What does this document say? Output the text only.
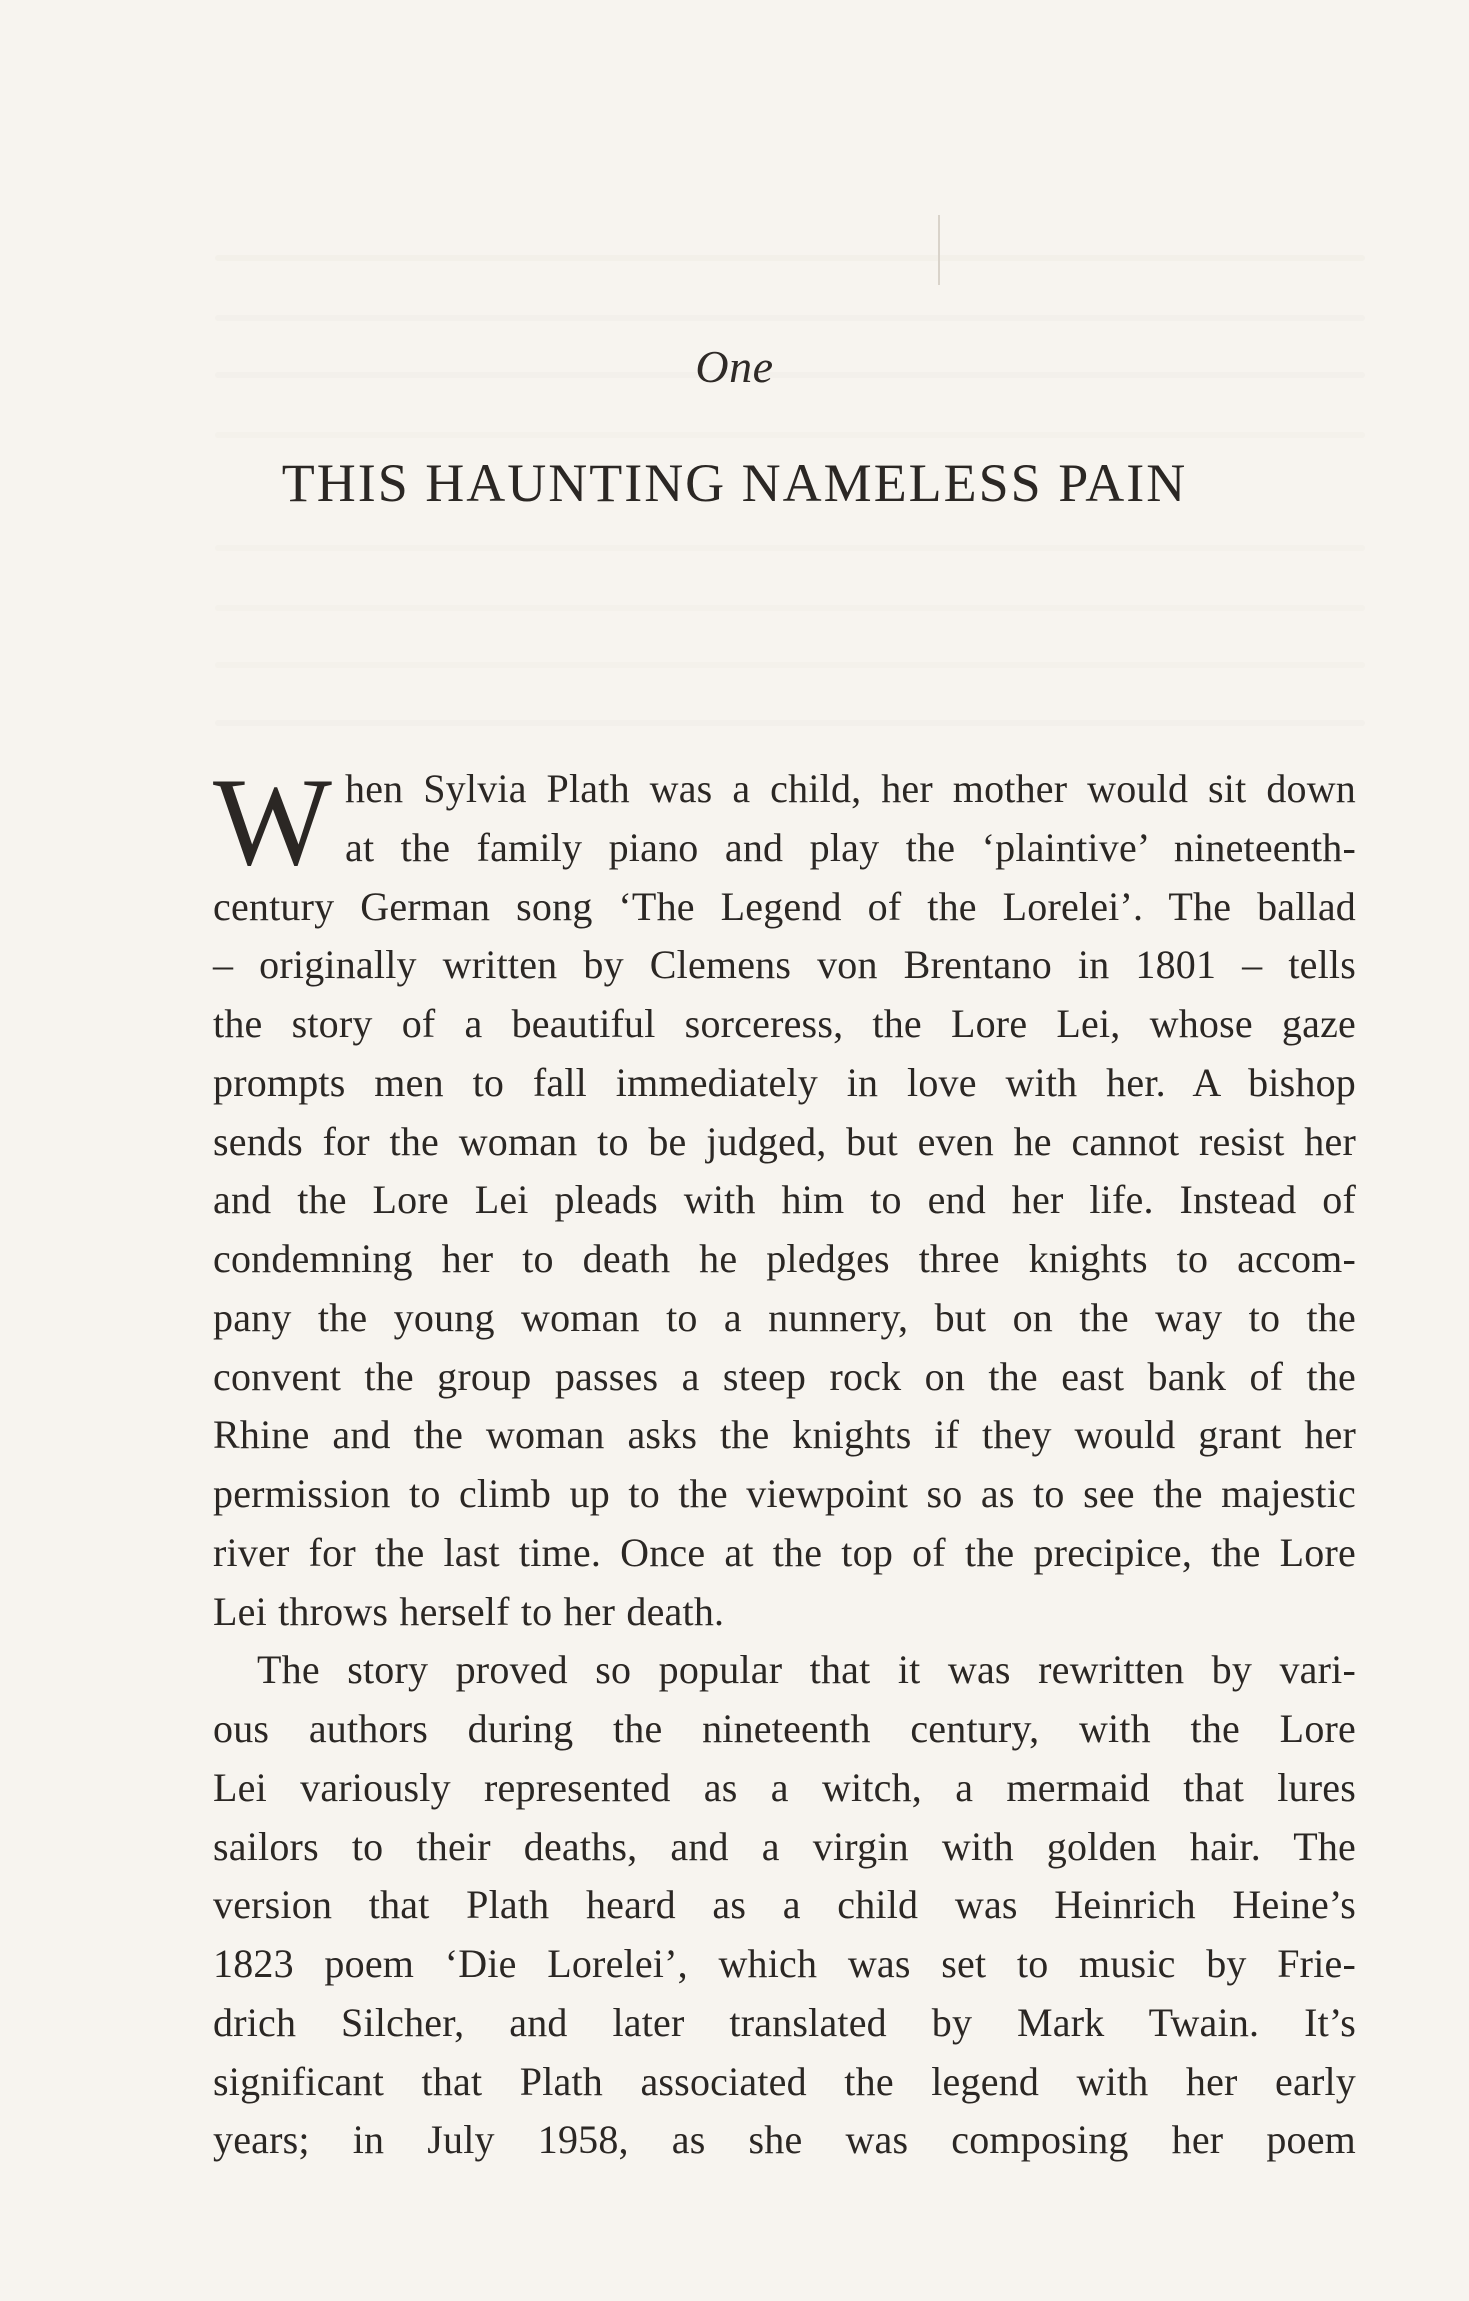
One
THIS HAUNTING NAMELESS PAIN
W hen Sylvia Plath was a child, her mother would sit down
at the family piano and play the ‘plaintive’ nineteenth-
century German song ‘The Legend of the Lorelei’. The ballad
– originally written by Clemens von Brentano in 1801 – tells
the story of a beautiful sorceress, the Lore Lei, whose gaze
prompts men to fall immediately in love with her. A bishop
sends for the woman to be judged, but even he cannot resist her
and the Lore Lei pleads with him to end her life. Instead of
condemning her to death he pledges three knights to accom-
pany the young woman to a nunnery, but on the way to the
convent the group passes a steep rock on the east bank of the
Rhine and the woman asks the knights if they would grant her
permission to climb up to the viewpoint so as to see the majestic
river for the last time. Once at the top of the precipice, the Lore
Lei throws herself to her death.
The story proved so popular that it was rewritten by vari-
ous authors during the nineteenth century, with the Lore
Lei variously represented as a witch, a mermaid that lures
sailors to their deaths, and a virgin with golden hair. The
version that Plath heard as a child was Heinrich Heine’s
1823 poem ‘Die Lorelei’, which was set to music by Frie-
drich Silcher, and later translated by Mark Twain. It’s
significant that Plath associated the legend with her early
years; in July 1958, as she was composing her poem
